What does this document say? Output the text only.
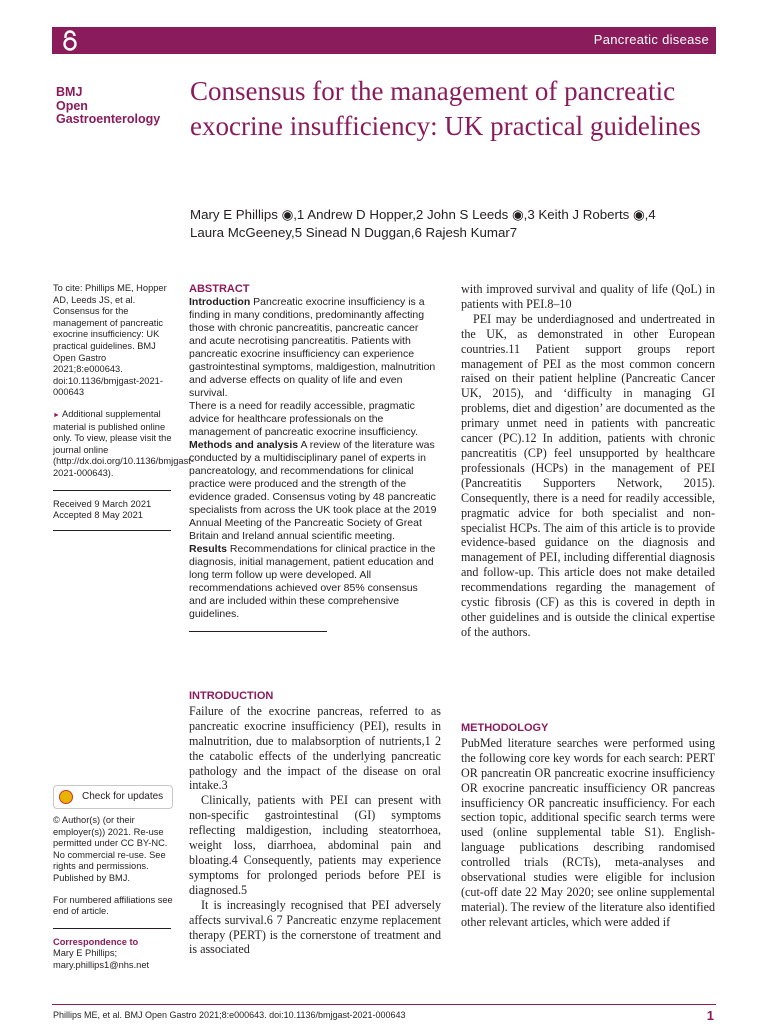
Pancreatic disease
BMJ
Open
Gastroenterology
Consensus for the management of pancreatic exocrine insufficiency: UK practical guidelines
Mary E Phillips ◉,1 Andrew D Hopper,2 John S Leeds ◉,3 Keith J Roberts ◉,4
Laura McGeeney,5 Sinead N Duggan,6 Rajesh Kumar7
To cite: Phillips ME, Hopper AD, Leeds JS, et al. Consensus for the management of pancreatic exocrine insufficiency: UK practical guidelines. BMJ Open Gastro 2021;8:e000643. doi:10.1136/bmjgast-2021-000643
► Additional supplemental material is published online only. To view, please visit the journal online (http://dx.doi.org/10.1136/bmjgast-2021-000643).
Received 9 March 2021
Accepted 8 May 2021
ABSTRACT
Introduction Pancreatic exocrine insufficiency is a finding in many conditions, predominantly affecting those with chronic pancreatitis, pancreatic cancer and acute necrotising pancreatitis. Patients with pancreatic exocrine insufficiency can experience gastrointestinal symptoms, maldigestion, malnutrition and adverse effects on quality of life and even survival.
There is a need for readily accessible, pragmatic advice for healthcare professionals on the management of pancreatic exocrine insufficiency.
Methods and analysis A review of the literature was conducted by a multidisciplinary panel of experts in pancreatology, and recommendations for clinical practice were produced and the strength of the evidence graded. Consensus voting by 48 pancreatic specialists from across the UK took place at the 2019 Annual Meeting of the Pancreatic Society of Great Britain and Ireland annual scientific meeting.
Results Recommendations for clinical practice in the diagnosis, initial management, patient education and long term follow up were developed. All recommendations achieved over 85% consensus and are included within these comprehensive guidelines.
INTRODUCTION

Failure of the exocrine pancreas, referred to as pancreatic exocrine insufficiency (PEI), results in malnutrition, due to malabsorption of nutrients,1 2 the catabolic effects of the underlying pancreatic pathology and the impact of the disease on oral intake.3

Clinically, patients with PEI can present with non-specific gastrointestinal (GI) symptoms reflecting maldigestion, including steatorrhoea, weight loss, diarrhoea, abdominal pain and bloating.4 Consequently, patients may experience symptoms for prolonged periods before PEI is diagnosed.5

It is increasingly recognised that PEI adversely affects survival.6 7 Pancreatic enzyme replacement therapy (PERT) is the cornerstone of treatment and is associated

with improved survival and quality of life (QoL) in patients with PEI.8–10

PEI may be underdiagnosed and undertreated in the UK, as demonstrated in other European countries.11 Patient support groups report management of PEI as the most common concern raised on their patient helpline (Pancreatic Cancer UK, 2015), and ‘difficulty in managing GI problems, diet and digestion’ are documented as the primary unmet need in patients with pancreatic cancer (PC).12 In addition, patients with chronic pancreatitis (CP) feel unsupported by healthcare professionals (HCPs) in the management of PEI (Pancreatitis Supporters Network, 2015). Consequently, there is a need for readily accessible, pragmatic advice for both specialist and non-specialist HCPs. The aim of this article is to provide evidence-based guidance on the diagnosis and management of PEI, including differential diagnosis and follow-up. This article does not make detailed recommendations regarding the management of cystic fibrosis (CF) as this is covered in depth in other guidelines and is outside the clinical expertise of the authors.

METHODOLOGY

PubMed literature searches were performed using the following core key words for each search: PERT OR pancreatin OR pancreatic exocrine insufficiency OR exocrine pancreatic insufficiency OR pancreas insufficiency OR pancreatic insufficiency. For each section topic, additional specific search terms were used (online supplemental table S1). English-language publications describing randomised controlled trials (RCTs), meta-analyses and observational studies were eligible for inclusion (cut-off date 22 May 2020; see online supplemental material). The review of the literature also identified other relevant articles, which were added if

Check for updates
© Author(s) (or their employer(s)) 2021. Re-use permitted under CC BY-NC. No commercial re-use. See rights and permissions. Published by BMJ.
For numbered affiliations see end of article.
Correspondence to
Mary E Phillips;
mary.phillips1@nhs.net
Phillips ME, et al. BMJ Open Gastro 2021;8:e000643. doi:10.1136/bmjgast-2021-000643	1
